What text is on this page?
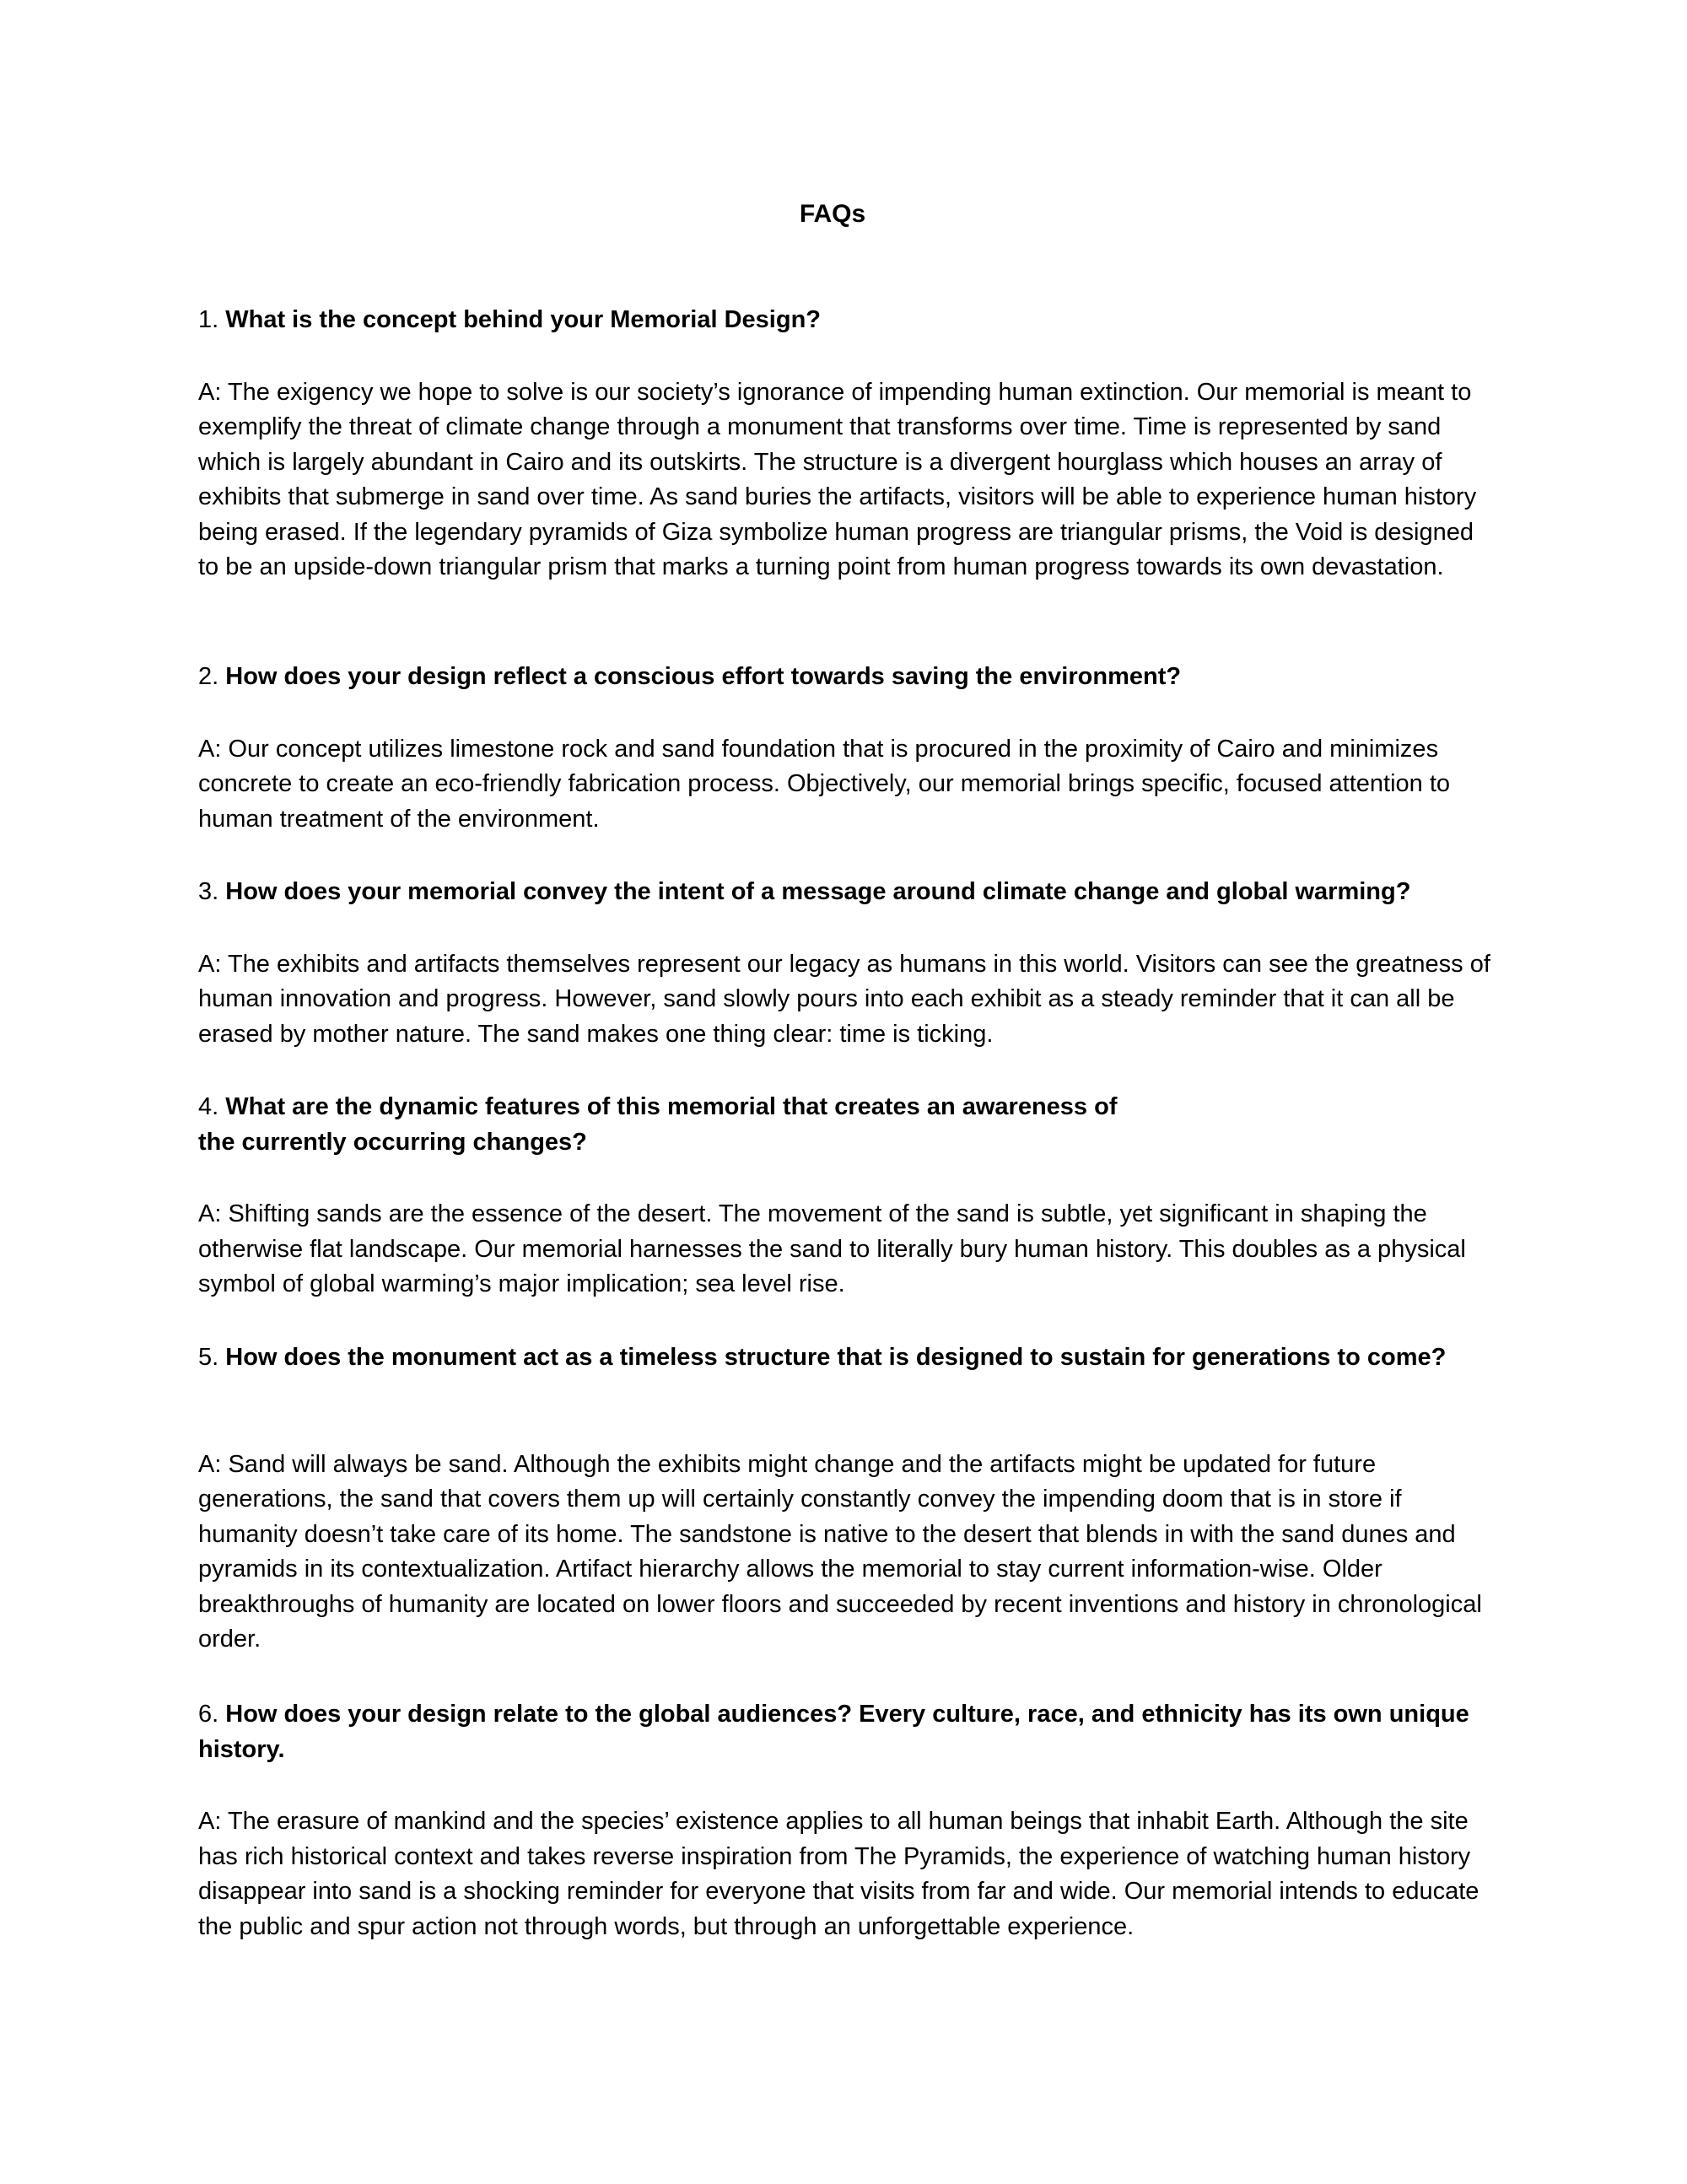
FAQs

1. What is the concept behind your Memorial Design?

A: The exigency we hope to solve is our society’s ignorance of impending human extinction. Our memorial is meant to exemplify the threat of climate change through a monument that transforms over time. Time is represented by sand which is largely abundant in Cairo and its outskirts. The structure is a divergent hourglass which houses an array of exhibits that submerge in sand over time. As sand buries the artifacts, visitors will be able to experience human history being erased. If the legendary pyramids of Giza symbolize human progress are triangular prisms, the Void is designed to be an upside-down triangular prism that marks a turning point from human progress towards its own devastation.

2. How does your design reflect a conscious effort towards saving the environment?

A: Our concept utilizes limestone rock and sand foundation that is procured in the proximity of Cairo and minimizes concrete to create an eco-friendly fabrication process. Objectively, our memorial brings specific, focused attention to human treatment of the environment.

3. How does your memorial convey the intent of a message around climate change and global warming?

A: The exhibits and artifacts themselves represent our legacy as humans in this world. Visitors can see the greatness of human innovation and progress. However, sand slowly pours into each exhibit as a steady reminder that it can all be erased by mother nature. The sand makes one thing clear: time is ticking.

4. What are the dynamic features of this memorial that creates an awareness of
the currently occurring changes?

A: Shifting sands are the essence of the desert. The movement of the sand is subtle, yet significant in shaping the otherwise flat landscape. Our memorial harnesses the sand to literally bury human history. This doubles as a physical symbol of global warming’s major implication; sea level rise.

5. How does the monument act as a timeless structure that is designed to sustain for generations to come?

A: Sand will always be sand. Although the exhibits might change and the artifacts might be updated for future generations, the sand that covers them up will certainly constantly convey the impending doom that is in store if humanity doesn’t take care of its home. The sandstone is native to the desert that blends in with the sand dunes and pyramids in its contextualization. Artifact hierarchy allows the memorial to stay current information-wise. Older breakthroughs of humanity are located on lower floors and succeeded by recent inventions and history in chronological order.

6. How does your design relate to the global audiences? Every culture, race, and ethnicity has its own unique history.

A: The erasure of mankind and the species’ existence applies to all human beings that inhabit Earth. Although the site has rich historical context and takes reverse inspiration from The Pyramids, the experience of watching human history disappear into sand is a shocking reminder for everyone that visits from far and wide. Our memorial intends to educate the public and spur action not through words, but through an unforgettable experience.
